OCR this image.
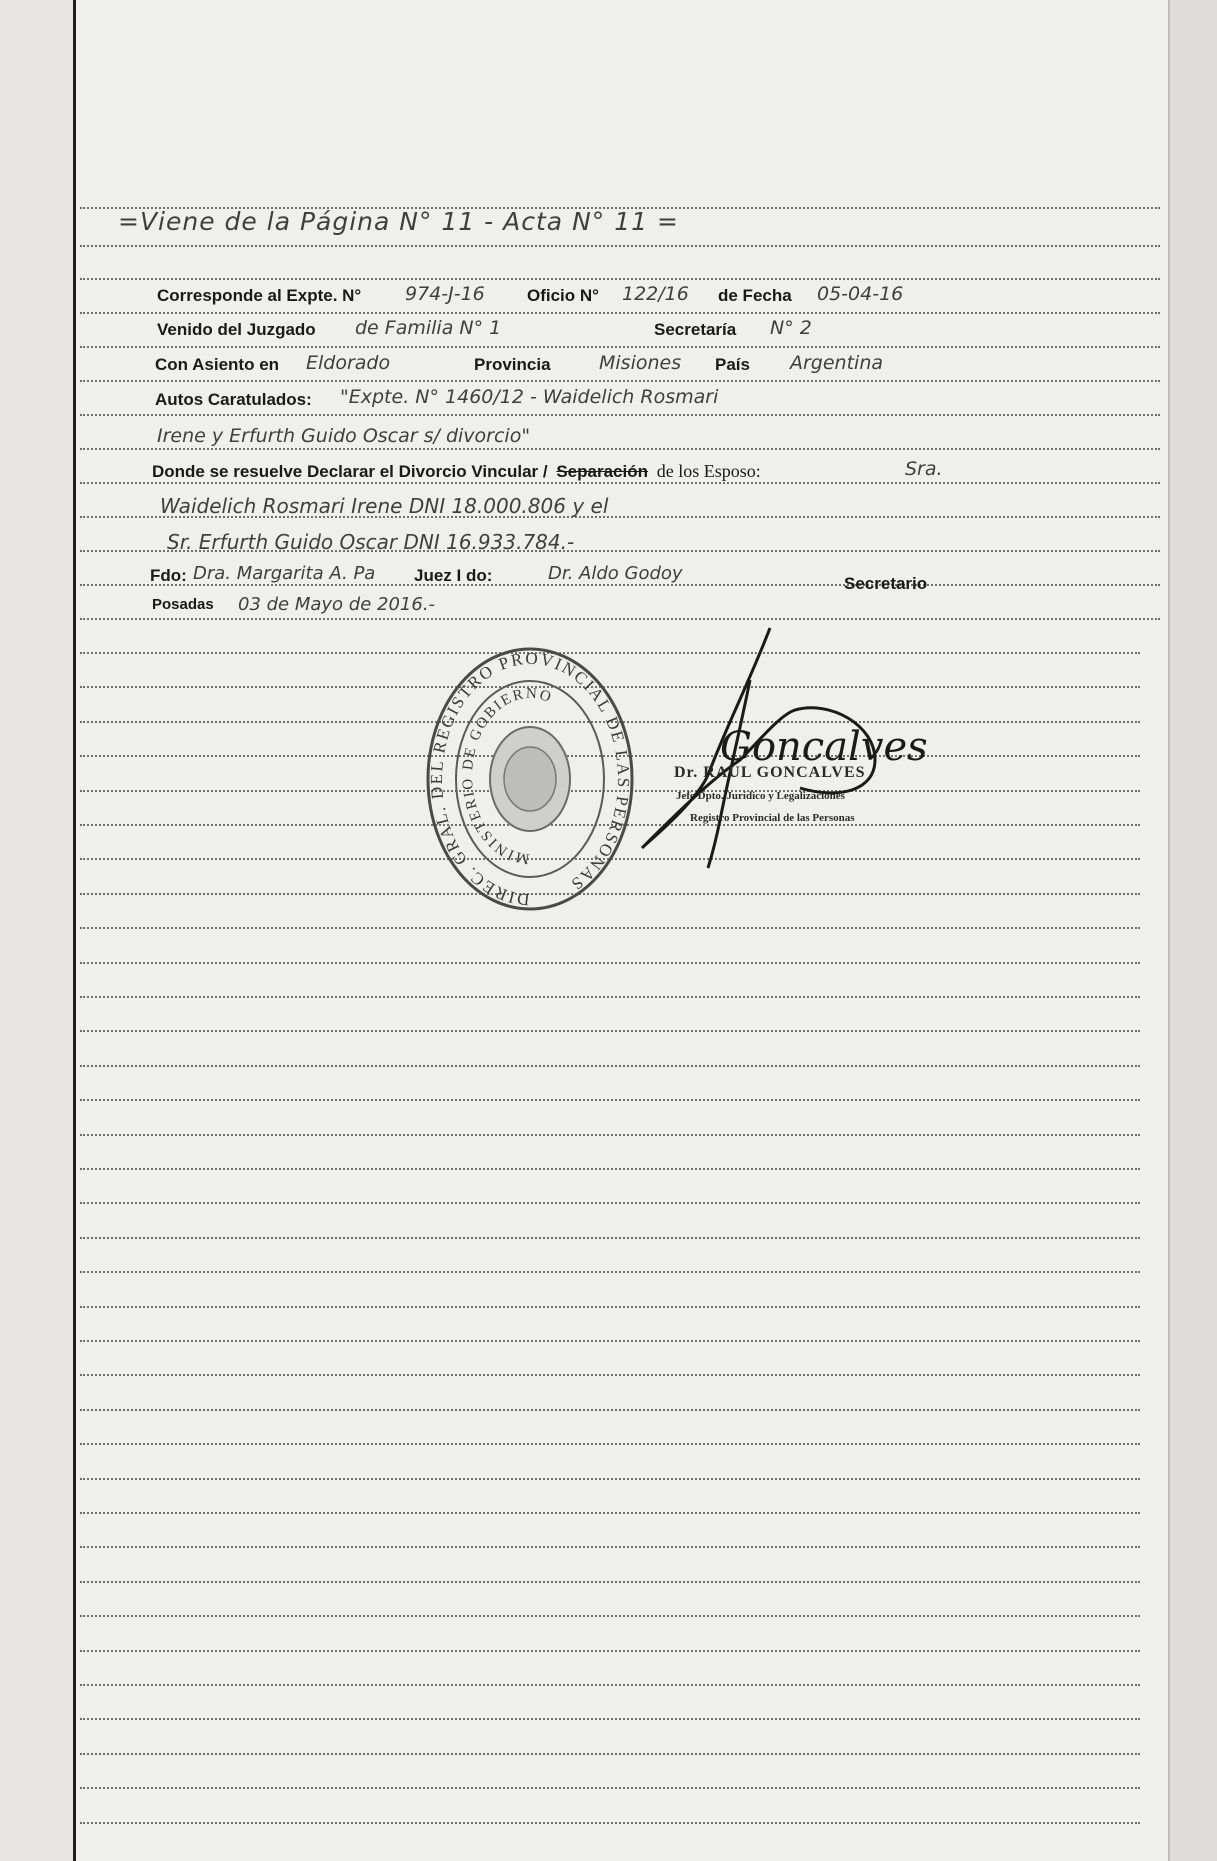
=Viene de la Página N° 11 - Acta N° 11 =
Corresponde al Expte. N° 974-J-16 Oficio N° 122/16 de Fecha 05-04-16
Venido del Juzgado de Familia N° 1	Secretaría N° 2
Con Asiento en Eldorado	Provincia	Misiones País Argentina
Autos Caratulados: "Expte. N° 1460/12 - Waidelich Rosmari
Irene y Erfurth Guido Oscar s/ divorcio"
Donde se resuelve Declarar el Divorcio Vincular / Separación de los Esposo:	Sra.
Waidelich Rosmari Irene DNI 18.000.806 y el
Sr. Erfurth Guido Oscar DNI 16.933.784.-
Fdo: Dra. Margarita A. Pa Juez I do:	Dr. Aldo Godoy	Secretario
Posadas 03 de Mayo de 2016.-
DIREC. GRAL. DEL REGISTRO PROVINCIAL DE LAS PERSONAS
MINISTERIO DE GOBIERNO
Goncalves
Dr. RAUL GONCALVES
Jefe Dpto. Jurídico y Legalizaciones
Registro Provincial de las Personas
